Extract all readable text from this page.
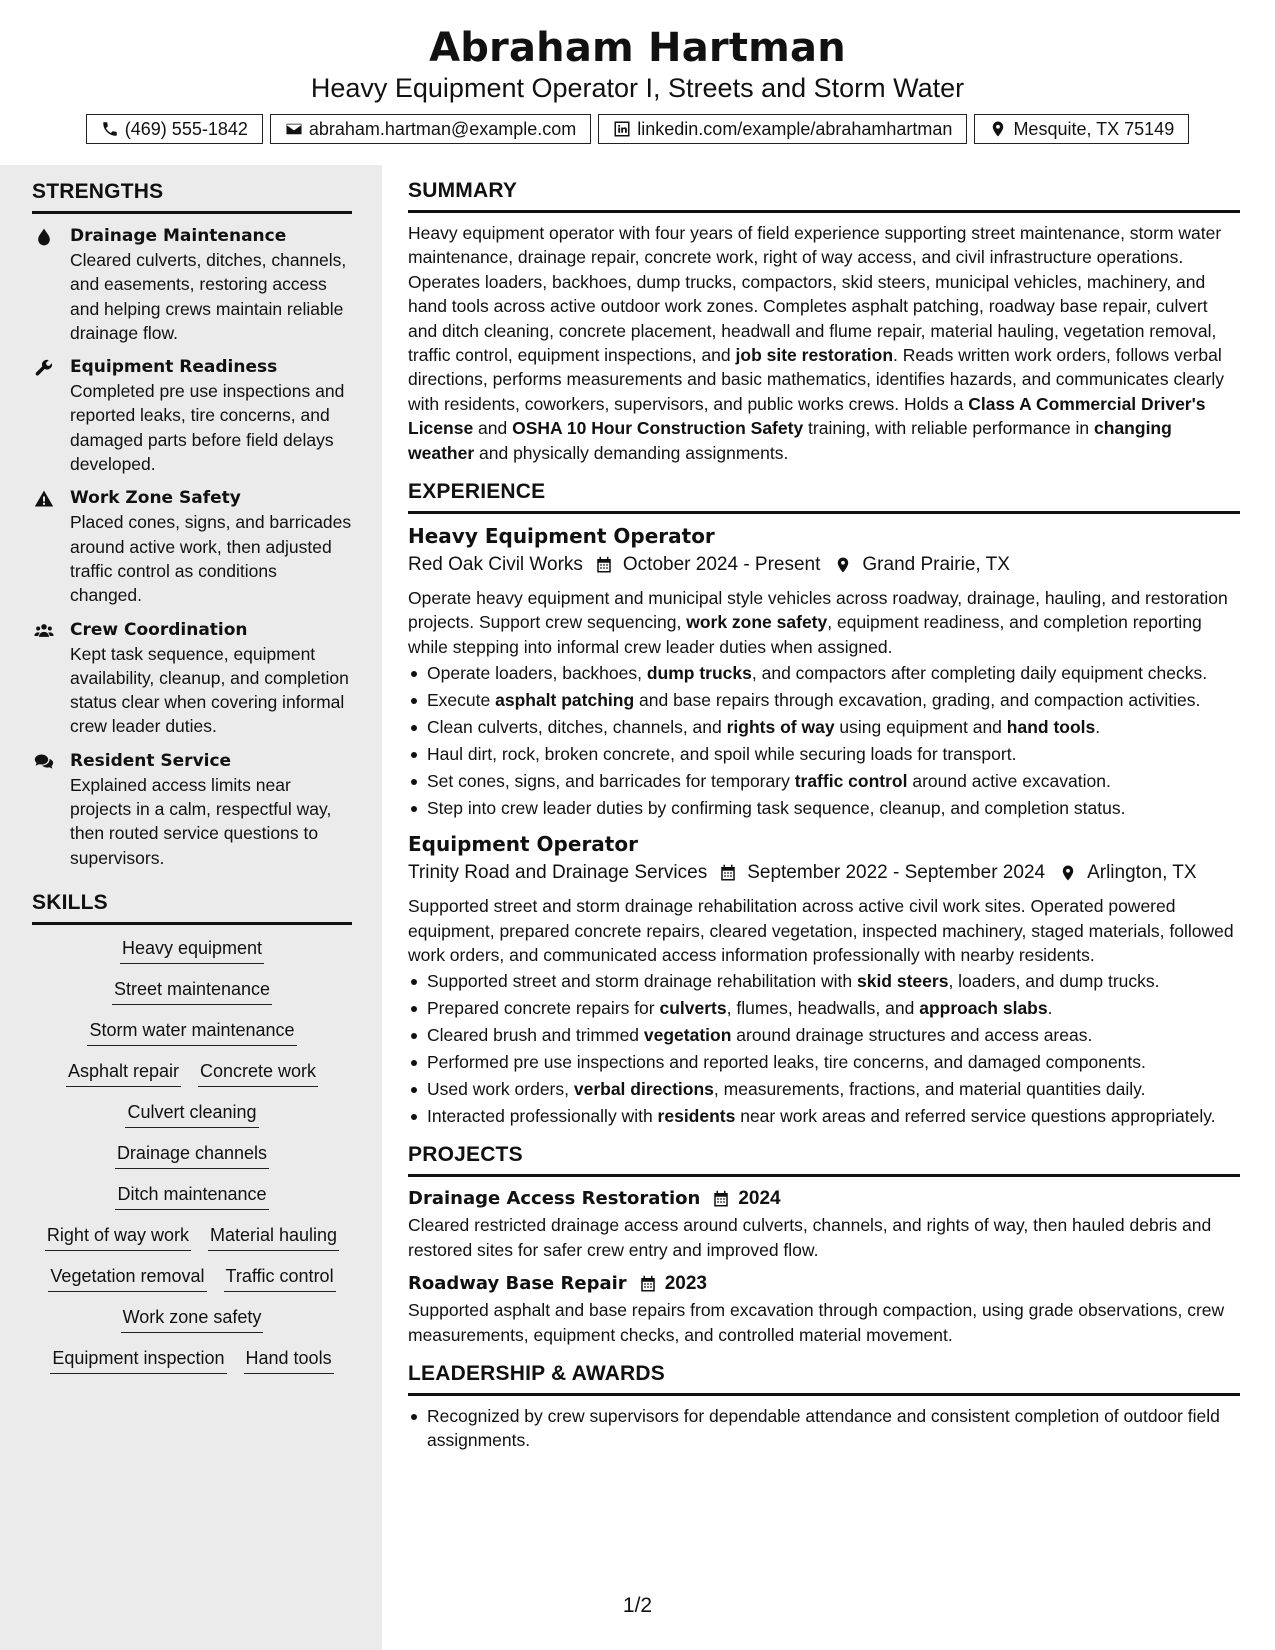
Abraham Hartman
Heavy Equipment Operator I, Streets and Storm Water
(469) 555-1842	abraham.hartman@example.com	linkedin.com/example/abrahamhartman	Mesquite, TX 75149
STRENGTHS
Drainage Maintenance
Cleared culverts, ditches, channels, and easements, restoring access and helping crews maintain reliable drainage flow.
Equipment Readiness
Completed pre use inspections and reported leaks, tire concerns, and damaged parts before field delays developed.
Work Zone Safety
Placed cones, signs, and barricades around active work, then adjusted traffic control as conditions changed.
Crew Coordination
Kept task sequence, equipment availability, cleanup, and completion status clear when covering informal crew leader duties.
Resident Service
Explained access limits near projects in a calm, respectful way, then routed service questions to supervisors.
SKILLS
Heavy equipment
Street maintenance
Storm water maintenance
Asphalt repair Concrete work
Culvert cleaning
Drainage channels
Ditch maintenance
Right of way work Material hauling
Vegetation removal Traffic control
Work zone safety
Equipment inspection Hand tools
SUMMARY
Heavy equipment operator with four years of field experience supporting street maintenance, storm water maintenance, drainage repair, concrete work, right of way access, and civil infrastructure operations. Operates loaders, backhoes, dump trucks, compactors, skid steers, municipal vehicles, machinery, and hand tools across active outdoor work zones. Completes asphalt patching, roadway base repair, culvert and ditch cleaning, concrete placement, headwall and flume repair, material hauling, vegetation removal, traffic control, equipment inspections, and job site restoration. Reads written work orders, follows verbal directions, performs measurements and basic mathematics, identifies hazards, and communicates clearly with residents, coworkers, supervisors, and public works crews. Holds a Class A Commercial Driver's License and OSHA 10 Hour Construction Safety training, with reliable performance in changing weather and physically demanding assignments.
EXPERIENCE
Heavy Equipment Operator
Red Oak Civil Works October 2024 - Present Grand Prairie, TX
Operate heavy equipment and municipal style vehicles across roadway, drainage, hauling, and restoration projects. Support crew sequencing, work zone safety, equipment readiness, and completion reporting while stepping into informal crew leader duties when assigned.
Operate loaders, backhoes, dump trucks, and compactors after completing daily equipment checks.
Execute asphalt patching and base repairs through excavation, grading, and compaction activities.
Clean culverts, ditches, channels, and rights of way using equipment and hand tools.
Haul dirt, rock, broken concrete, and spoil while securing loads for transport.
Set cones, signs, and barricades for temporary traffic control around active excavation.
Step into crew leader duties by confirming task sequence, cleanup, and completion status.
Equipment Operator
Trinity Road and Drainage Services September 2022 - September 2024 Arlington, TX
Supported street and storm drainage rehabilitation across active civil work sites. Operated powered equipment, prepared concrete repairs, cleared vegetation, inspected machinery, staged materials, followed work orders, and communicated access information professionally with nearby residents.
Supported street and storm drainage rehabilitation with skid steers, loaders, and dump trucks.
Prepared concrete repairs for culverts, flumes, headwalls, and approach slabs.
Cleared brush and trimmed vegetation around drainage structures and access areas.
Performed pre use inspections and reported leaks, tire concerns, and damaged components.
Used work orders, verbal directions, measurements, fractions, and material quantities daily.
Interacted professionally with residents near work areas and referred service questions appropriately.
PROJECTS
Drainage Access Restoration 2024
Cleared restricted drainage access around culverts, channels, and rights of way, then hauled debris and restored sites for safer crew entry and improved flow.
Roadway Base Repair 2023
Supported asphalt and base repairs from excavation through compaction, using grade observations, crew measurements, equipment checks, and controlled material movement.
LEADERSHIP & AWARDS
Recognized by crew supervisors for dependable attendance and consistent completion of outdoor field assignments.
1/2
